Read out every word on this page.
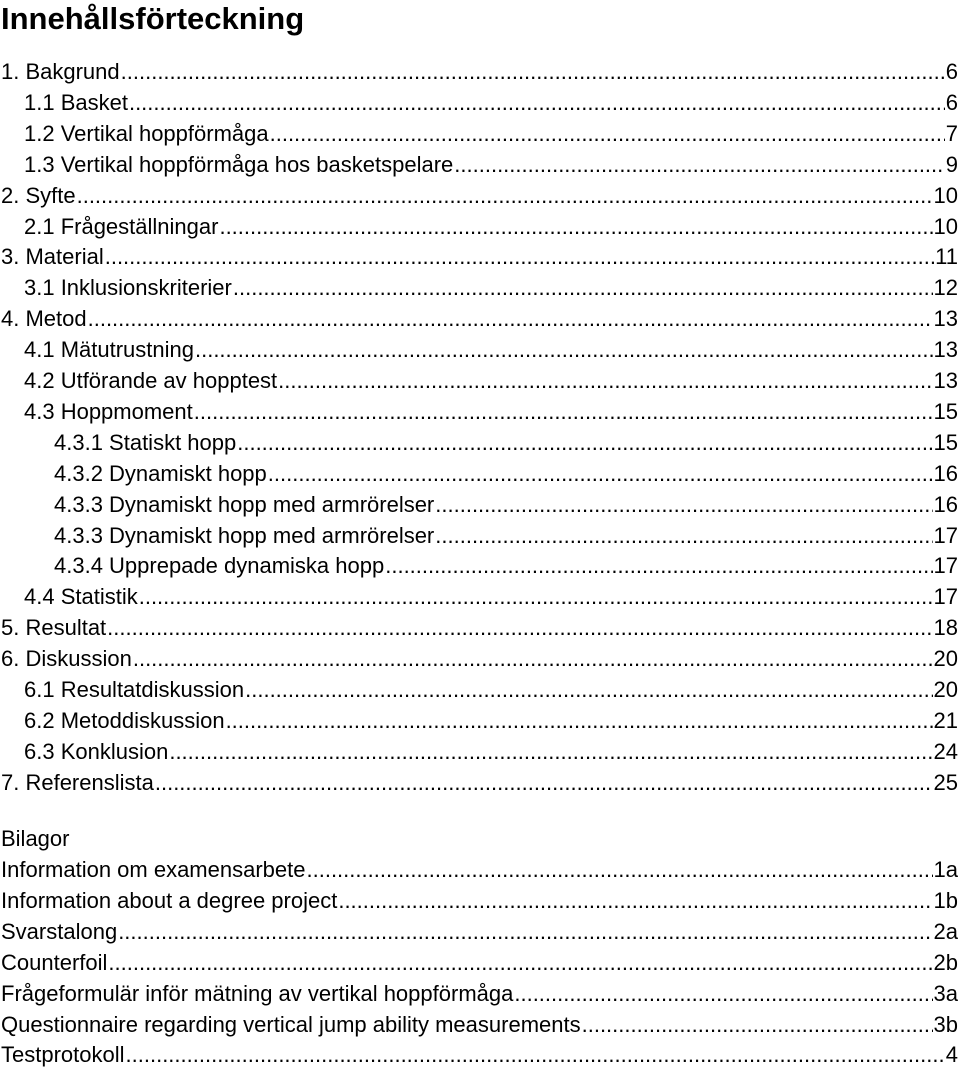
Innehållsförteckning
1. Bakgrund .....	6
1.1 Basket .....	6
1.2 Vertikal hoppförmåga .....	7
1.3 Vertikal hoppförmåga hos basketspelare .....	9
2. Syfte .....	10
2.1 Frågeställningar .....	10
3. Material .....	11
3.1 Inklusionskriterier .....	12
4. Metod .....	13
4.1 Mätutrustning .....	13
4.2 Utförande av hopptest .....	13
4.3 Hoppmoment .....	15
4.3.1 Statiskt hopp .....	15
4.3.2 Dynamiskt hopp .....	16
4.3.3 Dynamiskt hopp med armrörelser .....	16
4.3.3 Dynamiskt hopp med armrörelser .....	17
4.3.4 Upprepade dynamiska hopp .....	17
4.4 Statistik .....	17
5. Resultat .....	18
6. Diskussion .....	20
6.1 Resultatdiskussion .....	20
6.2 Metoddiskussion .....	21
6.3 Konklusion .....	24
7. Referenslista .....	25
Bilagor
Information om examensarbete .....	1a
Information about a degree project .....	1b
Svarstalong .....	2a
Counterfoil .....	2b
Frågeformulär inför mätning av vertikal hoppförmåga .....	3a
Questionnaire regarding vertical jump ability measurements .....	3b
Testprotokoll .....	4
